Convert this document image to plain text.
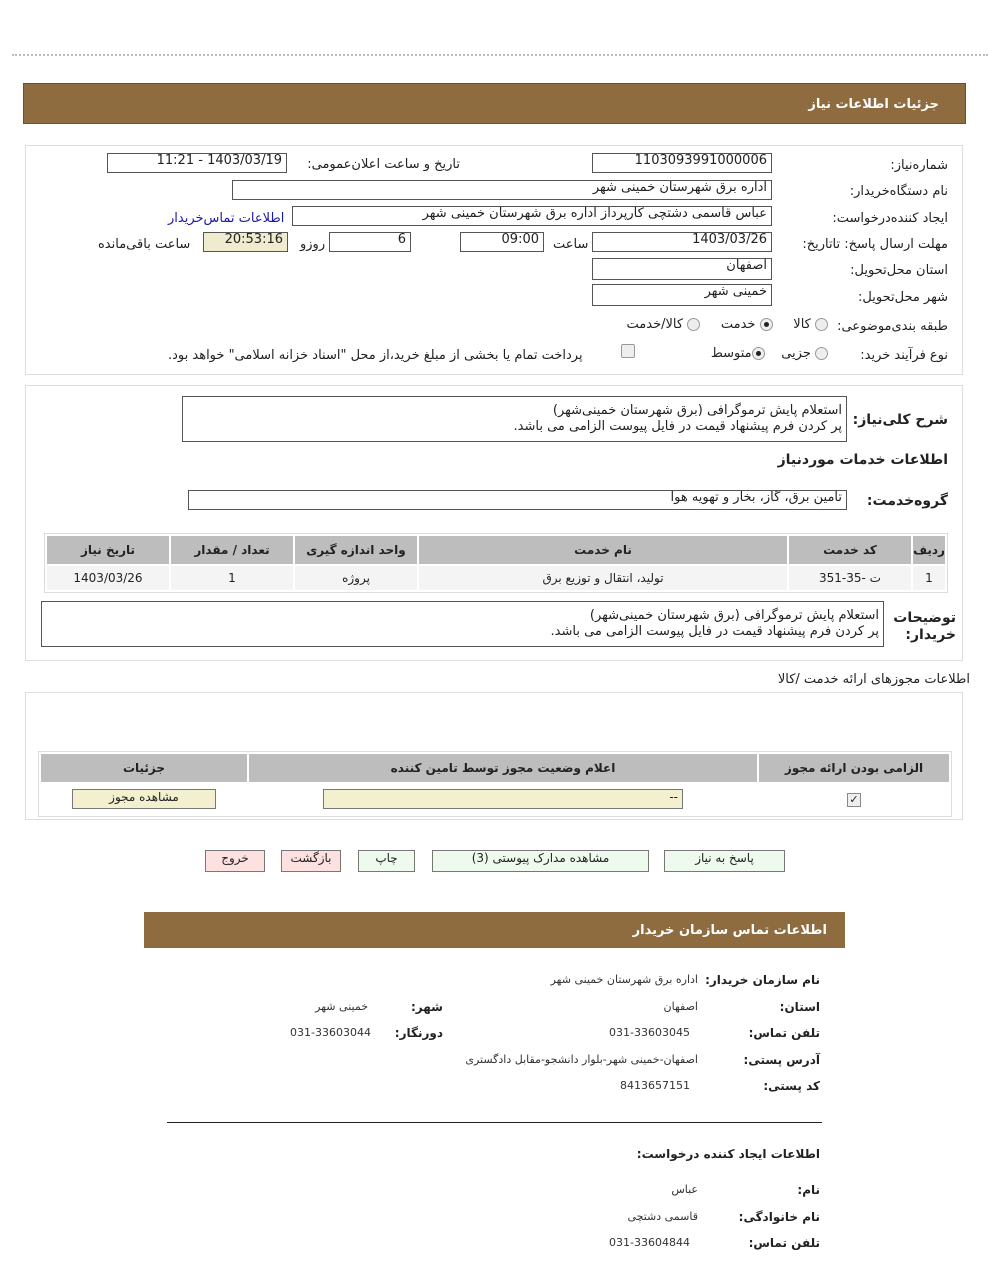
جزئیات اطلاعات نیاز
شماره‌نیاز:
1103093991000006
تاریخ و ساعت اعلان‌عمومی:
1403/03/19 - 11:21
نام دستگاه‌خریدار:
اداره برق شهرستان خمینی شهر
ایجاد کننده‌درخواست:
عباس قاسمی دشتچی کارپرداز اداره برق شهرستان خمینی شهر
اطلاعات تماس‌خریدار
مهلت ارسال پاسخ: تاتاریخ:
1403/03/26
ساعت
09:00
6
روزو
20:53:16
ساعت باقی‌مانده
استان محل‌تحویل:
اصفهان
شهر محل‌تحویل:
خمینی شهر
طبقه بندی‌موضوعی:
کالا      خدمت      کالا/خدمت
نوع فرآیند خرید:
جزیی    متوسط
پرداخت تمام یا بخشی از مبلغ خرید،از محل "اسناد خزانه اسلامی" خواهد بود.
شرح کلی‌نیاز:
استعلام پایش ترموگرافی (برق شهرستان خمینی‌شهر)
پر کردن فرم پیشنهاد قیمت در فایل پیوست الزامی می باشد.
اطلاعات خدمات موردنیاز
گروه‌خدمت:
تامین برق، گاز، بخار و تهویه هوا
ردیف	کد خدمت	نام خدمت	واحد اندازه گیری	تعداد / مقدار	تاریخ نیاز
1	ت -35-351	تولید، انتقال و توزیع برق	پروژه	1	1403/03/26
توضیحات
خریدار:
استعلام پایش ترموگرافی (برق شهرستان خمینی‌شهر)
پر کردن فرم پیشنهاد قیمت در فایل پیوست الزامی می باشد.
اطلاعات مجوزهای ارائه خدمت /کالا
الزامی بودن ارائه مجوز	اعلام وضعیت مجوز توسط تامین کننده	جزئیات
✓	--	مشاهده مجوز
پاسخ به نیاز
مشاهده مدارک پیوستی (3)
چاپ
بازگشت
خروج
اطلاعات تماس سازمان خریدار
نام سازمان خریدار:
اداره برق شهرستان خمینی شهر
استان:
اصفهان
شهر:
خمینی شهر
تلفن تماس:
031-33603045
دورنگار:
031-33603044
آدرس پستی:
اصفهان-خمینی شهر-بلوار دانشجو-مقابل دادگستری
کد پستی:
8413657151
اطلاعات ایجاد کننده درخواست:
نام:
عباس
نام خانوادگی:
قاسمی دشتچی
تلفن تماس:
031-33604844
